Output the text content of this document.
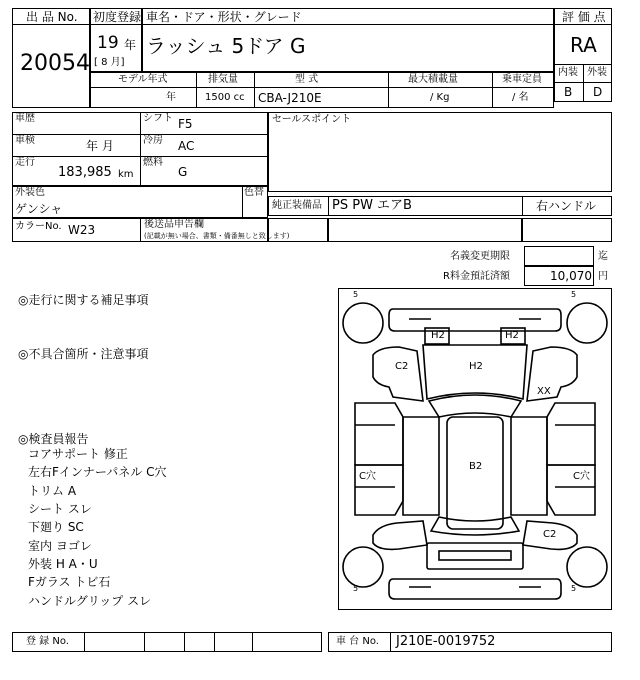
出 品 No.
20054
初度登録
19 年
[ 8 月]
車名・ドア・形状・グレード
ラッシュ 5ドア G
評 価 点
RA
内装 外装
B D
モデル年式
年
排気量
1500 cc
型 式
CBA-J210E
最大積載量
/ Kg
乗車定員
/ 名
車歴	シフト F5
車検	年 月	冷房 AC
走行
183,985 km
燃料
G
セールスポイント
外装色
ゲンシャ
色替
純正装備品 PS PW エアB	右ハンドル
カラーNo. W23	後送品申告欄
(記載が無い場合、書類・備番無しと致します)
名義変更期限	迄
R料金預託済額	10,070 円
◎走行に関する補足事項
◎不具合箇所・注意事項
◎検査員報告
コアサポート 修正
左右Fインナーパネル C穴
トリム A
シート スレ
下廻り SC
室内 ヨゴレ
外装 H A・U
Fガラス トビ石
ハンドルグリップ スレ
5	5
5	5
H2	H2
C2	H2
XX
C穴
B2
C穴
C2
登 録 No.	車 台 No. J210E-0019752
